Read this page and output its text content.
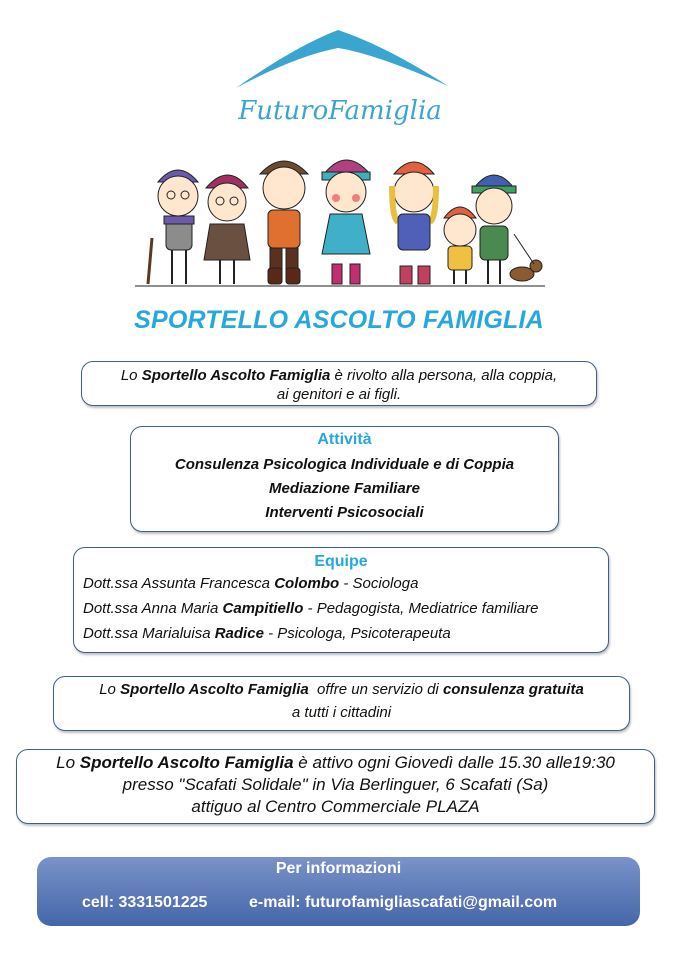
FuturoFamiglia
SPORTELLO ASCOLTO FAMIGLIA
Lo Sportello Ascolto Famiglia è rivolto alla persona, alla coppia,
ai genitori e ai figli.
Attività
Consulenza Psicologica Individuale e di Coppia
Mediazione Familiare
Interventi Psicosociali
Equipe
Dott.ssa Assunta Francesca Colombo - Sociologa
Dott.ssa Anna Maria Campitiello - Pedagogista, Mediatrice familiare
Dott.ssa Marialuisa Radice - Psicologa, Psicoterapeuta
Lo Sportello Ascolto Famiglia  offre un servizio di consulenza gratuita
a tutti i cittadini
Lo Sportello Ascolto Famiglia è attivo ogni Giovedì dalle 15.30 alle19:30
presso "Scafati Solidale" in Via Berlinguer, 6 Scafati (Sa)
attiguo al Centro Commerciale PLAZA
Per informazioni
cell: 3331501225	e-mail: futurofamigliascafati@gmail.com
